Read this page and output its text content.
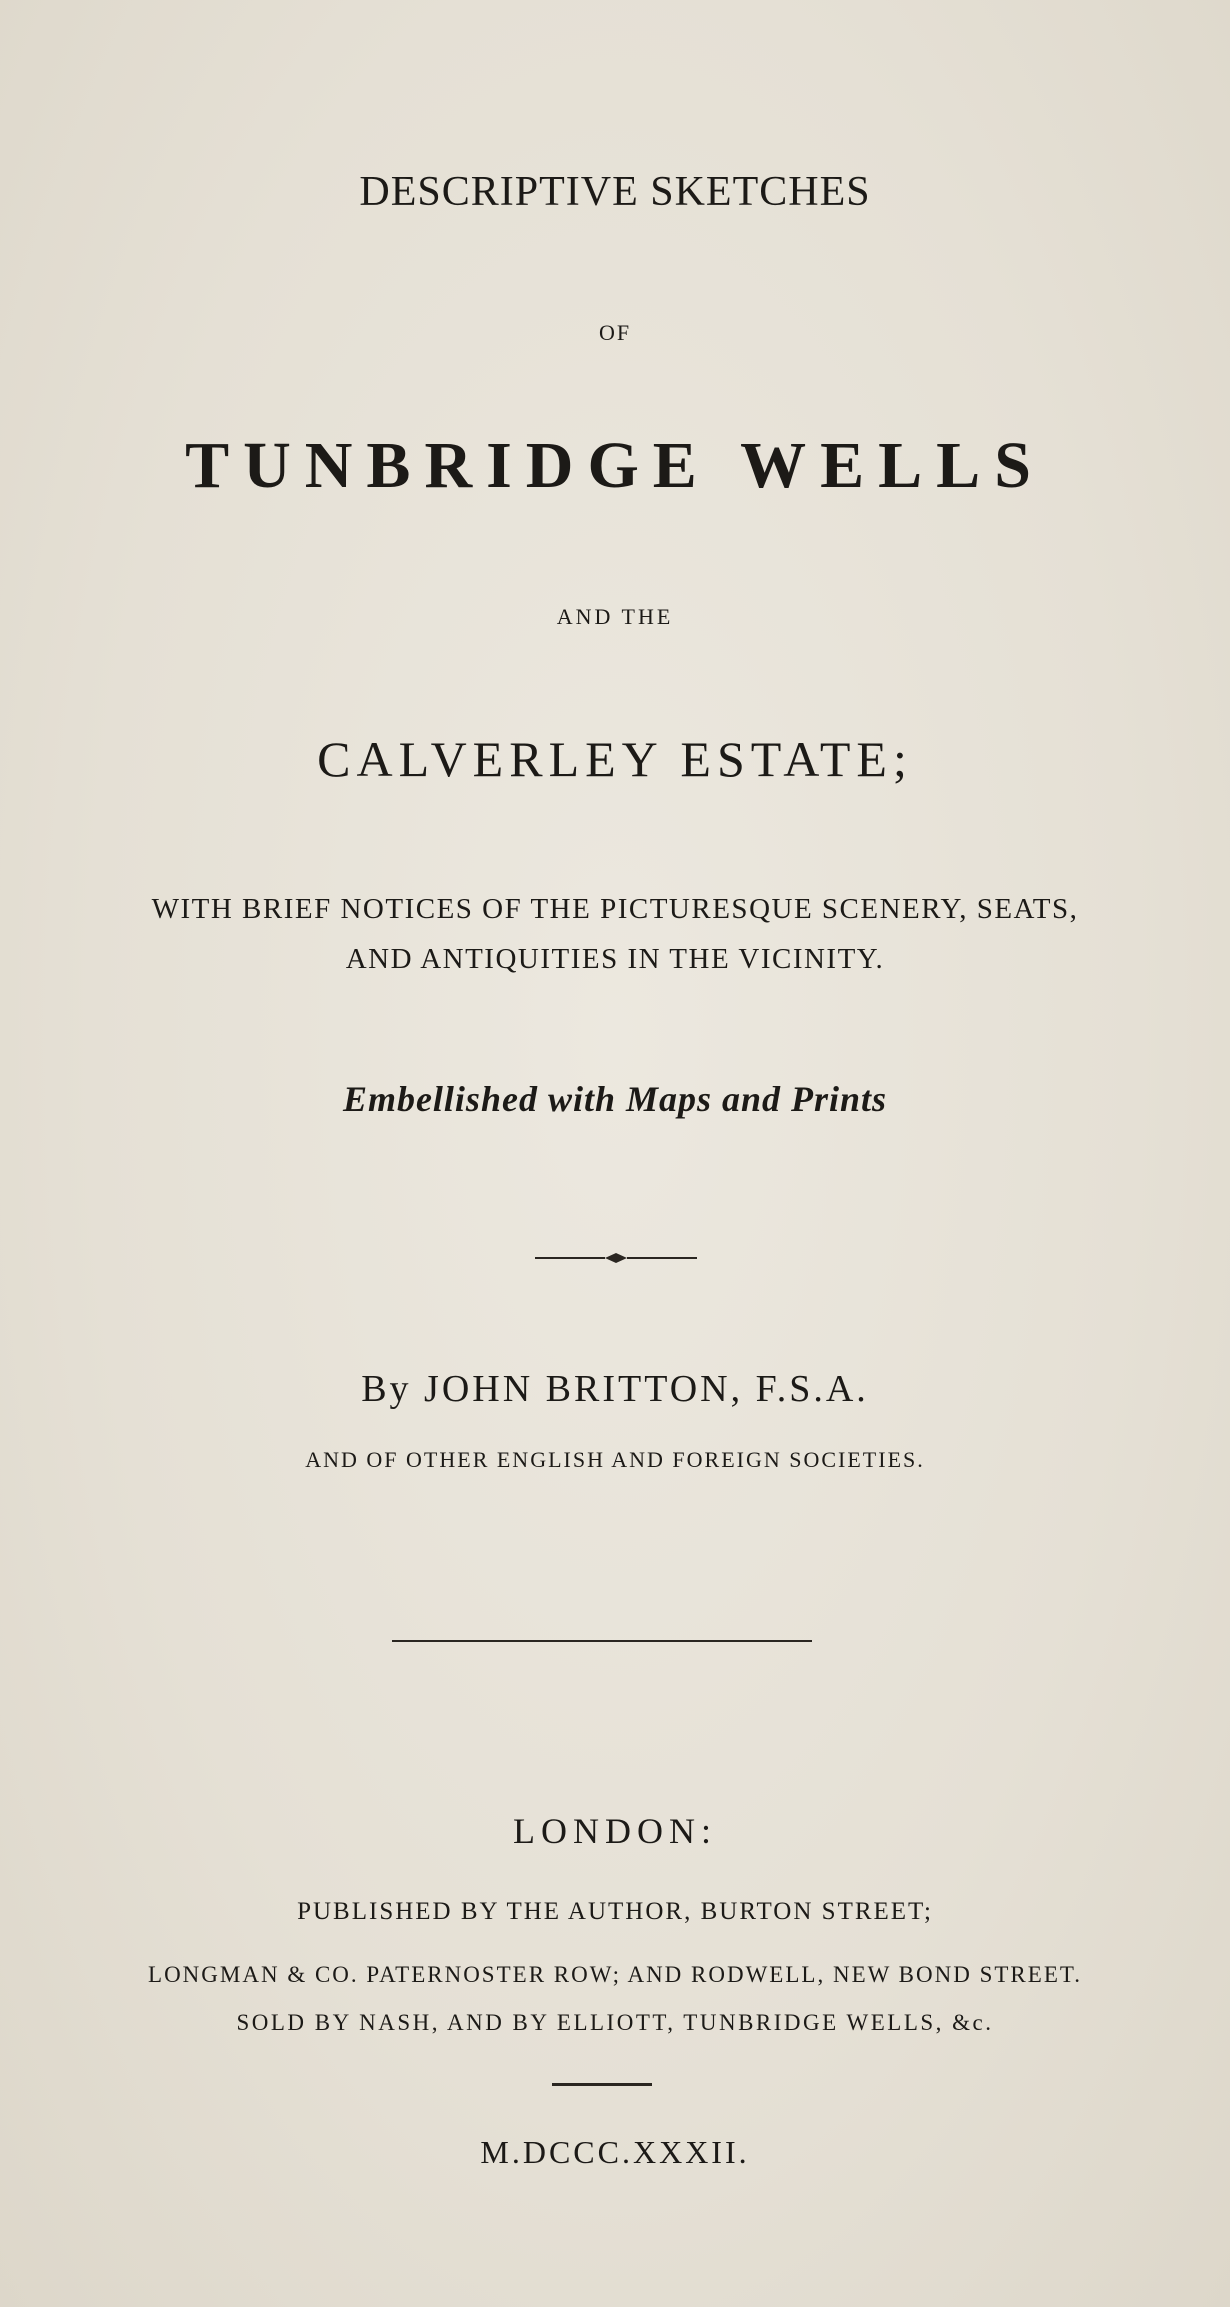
DESCRIPTIVE SKETCHES
OF
TUNBRIDGE WELLS
AND THE
CALVERLEY ESTATE;
WITH BRIEF NOTICES OF THE PICTURESQUE SCENERY, SEATS,
AND ANTIQUITIES IN THE VICINITY.
Embellished with Maps and Prints
By JOHN BRITTON, F.S.A.
AND OF OTHER ENGLISH AND FOREIGN SOCIETIES.
LONDON:
PUBLISHED BY THE AUTHOR, BURTON STREET;
LONGMAN & CO. PATERNOSTER ROW; AND RODWELL, NEW BOND STREET.
SOLD BY NASH, AND BY ELLIOTT, TUNBRIDGE WELLS, &c.
M.DCCC.XXXII.
